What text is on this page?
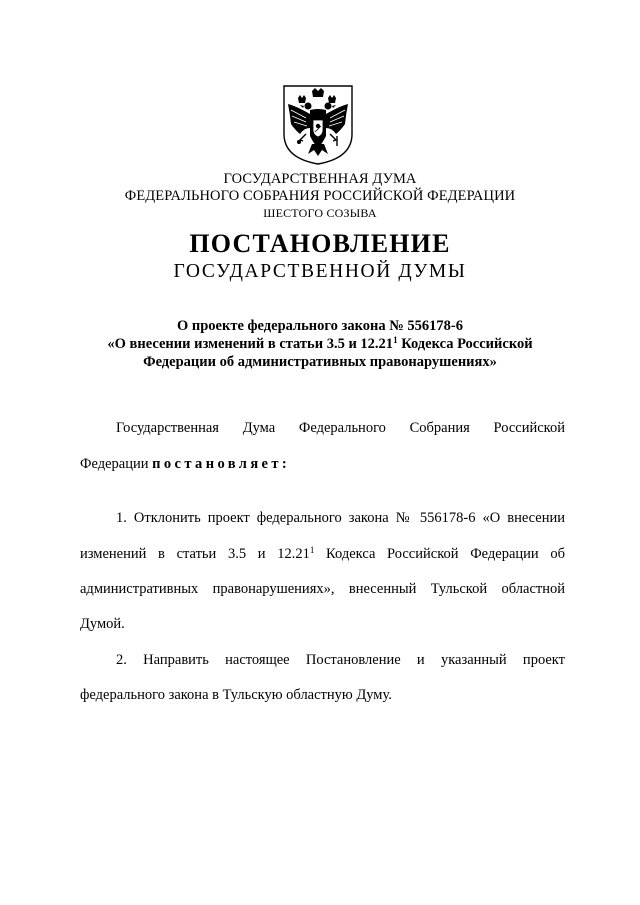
ГОСУДАРСТВЕННАЯ ДУМА
ФЕДЕРАЛЬНОГО СОБРАНИЯ РОССИЙСКОЙ ФЕДЕРАЦИИ
ШЕСТОГО СОЗЫВА
ПОСТАНОВЛЕНИЕ
ГОСУДАРСТВЕННОЙ ДУМЫ
О проекте федерального закона № 556178-6
«О внесении изменений в статьи 3.5 и 12.21$^1$ Кодекса Российской
Федерации об административных правонарушениях»
Государственная Дума Федерального Собрания Российской
Федерации постановляет:
1. Отклонить проект федерального закона № 556178-6 «О внесении
изменений в статьи 3.5 и 12.21$^1$ Кодекса Российской Федерации об
административных правонарушениях», внесенный Тульской областной
Думой.
2. Направить настоящее Постановление и указанный проект
федерального закона в Тульскую областную Думу.
